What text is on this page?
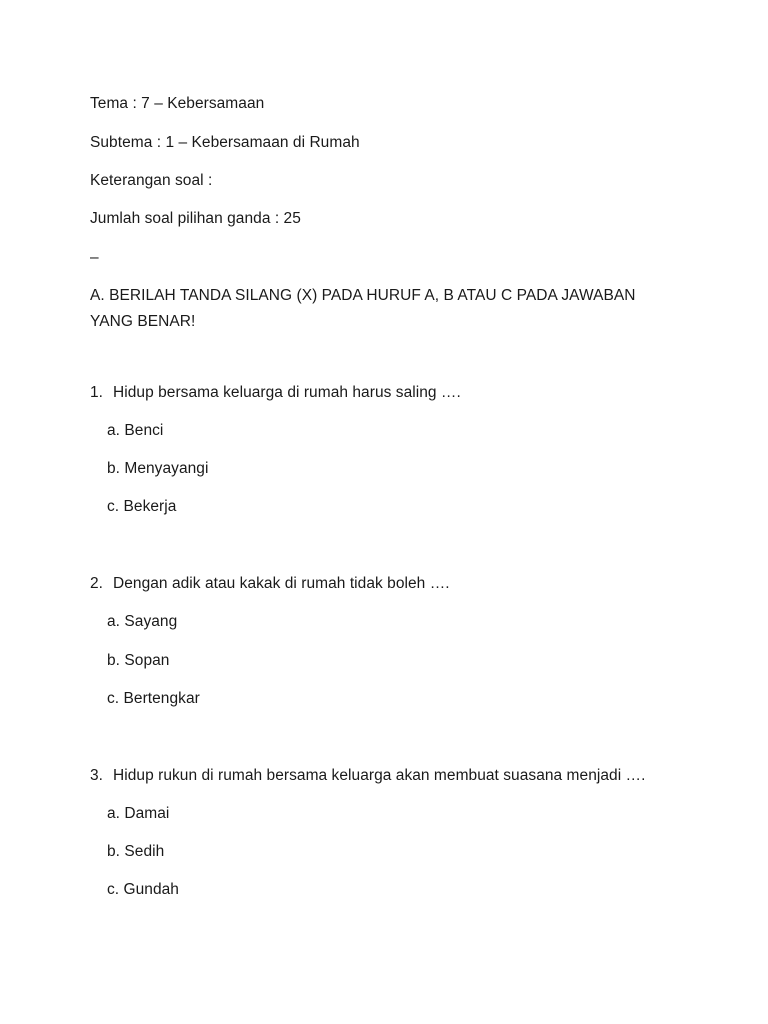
Tema : 7 – Kebersamaan
Subtema : 1 – Kebersamaan di Rumah
Keterangan soal :
Jumlah soal pilihan ganda : 25
–
A. BERILAH TANDA SILANG (X) PADA HURUF A, B ATAU C PADA JAWABAN YANG BENAR!
1. Hidup bersama keluarga di rumah harus saling ….
a. Benci
b. Menyayangi
c. Bekerja
2. Dengan adik atau kakak di rumah tidak boleh ….
a. Sayang
b. Sopan
c. Bertengkar
3. Hidup rukun di rumah bersama keluarga akan membuat suasana menjadi ….
a. Damai
b. Sedih
c. Gundah
